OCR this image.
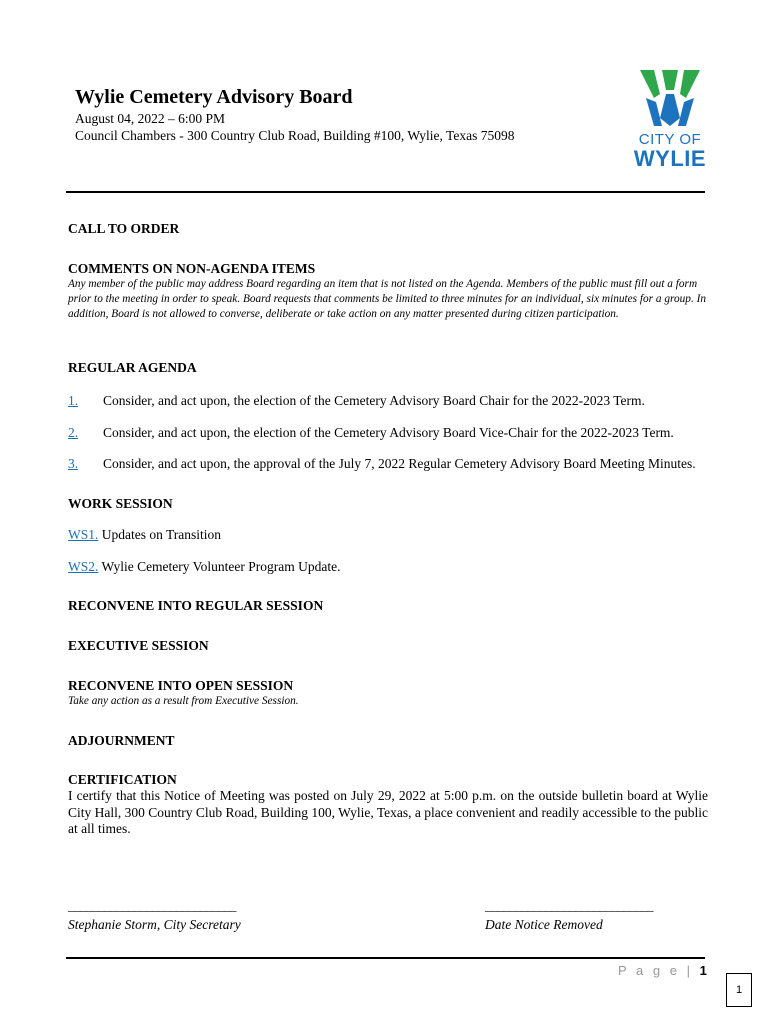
Wylie Cemetery Advisory Board
August 04, 2022 – 6:00 PM
Council Chambers - 300 Country Club Road, Building #100, Wylie, Texas 75098	CITY OF
WYLIE
CALL TO ORDER
COMMENTS ON NON-AGENDA ITEMS
Any member of the public may address Board regarding an item that is not listed on the Agenda. Members of the public must fill out a form prior to the meeting in order to speak. Board requests that comments be limited to three minutes for an individual, six minutes for a group. In addition, Board is not allowed to converse, deliberate or take action on any matter presented during citizen participation.
REGULAR AGENDA
1. Consider, and act upon, the election of the Cemetery Advisory Board Chair for the 2022-2023 Term.
2. Consider, and act upon, the election of the Cemetery Advisory Board Vice-Chair for the 2022-2023 Term.
3. Consider, and act upon, the approval of the July 7, 2022 Regular Cemetery Advisory Board Meeting Minutes.
WORK SESSION
WS1. Updates on Transition
WS2. Wylie Cemetery Volunteer Program Update.
RECONVENE INTO REGULAR SESSION
EXECUTIVE SESSION
RECONVENE INTO OPEN SESSION
Take any action as a result from Executive Session.
ADJOURNMENT
CERTIFICATION
I certify that this Notice of Meeting was posted on July 29, 2022 at 5:00 p.m. on the outside bulletin board at Wylie City Hall, 300 Country Club Road, Building 100, Wylie, Texas, a place convenient and readily accessible to the public at all times.
____________________________
Stephanie Storm, City Secretary
____________________________
Date Notice Removed
P a g e | 1
1
